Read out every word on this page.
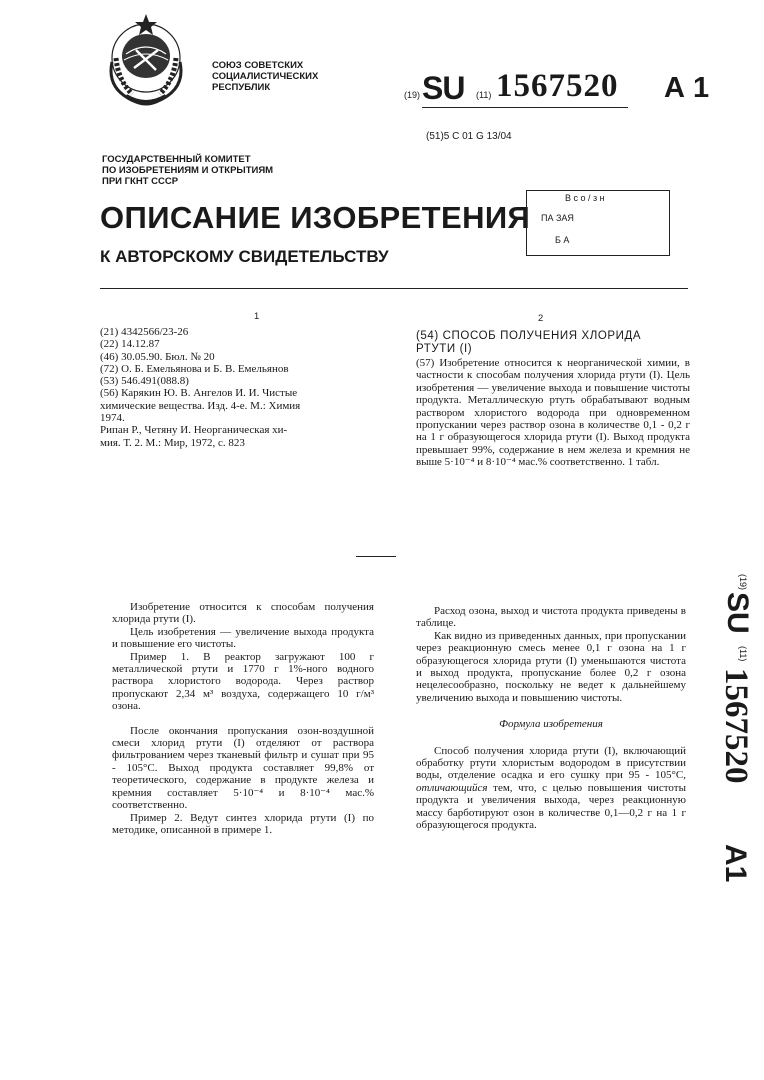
СОЮЗ СОВЕТСКИХ
СОЦИАЛИСТИЧЕСКИХ
РЕСПУБЛИК
(19) SU (11) 1567520 А 1
(51)5 С 01 G 13/04
ГОСУДАРСТВЕННЫЙ КОМИТЕТ
ПО ИЗОБРЕТЕНИЯМ И ОТКРЫТИЯМ
ПРИ ГКНТ СССР
ОПИСАНИЕ ИЗОБРЕТЕНИЯ
К АВТОРСКОМУ СВИДЕТЕЛЬСТВУ
В с о / з н
ПА ЗАЯ
Б А
1	2
(21) 4342566/23-26
(22) 14.12.87
(46) 30.05.90. Бюл. № 20
(72) О. Б. Емельянова и Б. В. Емельянов
(53) 546.491(088.8)
(56) Карякин Ю. В. Ангелов И. И. Чистые
химические вещества. Изд. 4-е. М.: Химия
1974.
Рипан Р., Четяну И. Неорганическая хи-
мия. Т. 2. М.: Мир, 1972, с. 823
(54) СПОСОБ ПОЛУЧЕНИЯ ХЛОРИДА
РТУТИ (I)
(57) Изобретение относится к неорганической химии, в частности к способам получения хлорида ртути (I). Цель изобретения — увеличение выхода и повышение чистоты продукта. Металлическую ртуть обрабатывают водным раствором хлористого водорода при одновременном пропускании через раствор озона в количестве 0,1 - 0,2 г на 1 г образующегося хлорида ртути (I). Выход продукта превышает 99%, содержание в нем железа и кремния не выше 5·10⁻⁴ и 8·10⁻⁴ мас.% соответственно. 1 табл.

Изобретение относится к способам получения хлорида ртути (I).

Цель изобретения — увеличение выхода продукта и повышение его чистоты.

Пример 1. В реактор загружают 100 г металлической ртути и 1770 г 1%-ного водного раствора хлористого водорода. Через раствор пропускают 2,34 м³ воздуха, содержащего 10 г/м³ озона.

После окончания пропускания озон-воздушной смеси хлорид ртути (I) отделяют от раствора фильтрованием через тканевый фильтр и сушат при 95 - 105°С. Выход продукта составляет 99,8% от теоретического, содержание в продукте железа и кремния составляет 5·10⁻⁴ и 8·10⁻⁴ мас.% соответственно.

Пример 2. Ведут синтез хлорида ртути (I) по методике, описанной в примере 1.

Расход озона, выход и чистота продукта приведены в таблице.

Как видно из приведенных данных, при пропускании через реакционную смесь менее 0,1 г озона на 1 г образующегося хлорида ртути (I) уменьшаются чистота и выход продукта, пропускание более 0,2 г озона нецелесообразно, поскольку не ведет к дальнейшему увеличению выхода и повышению чистоты.

Формула изобретения

Способ получения хлорида ртути (I), включающий обработку ртути хлористым водородом в присутствии воды, отделение осадка и его сушку при 95 - 105°С, отличающийся тем, что, с целью повышения чистоты продукта и увеличения выхода, через реакционную массу барботируют озон в количестве 0,1—0,2 г на 1 г образующегося продукта.

(19)
SU
(11)
1567520
A1
